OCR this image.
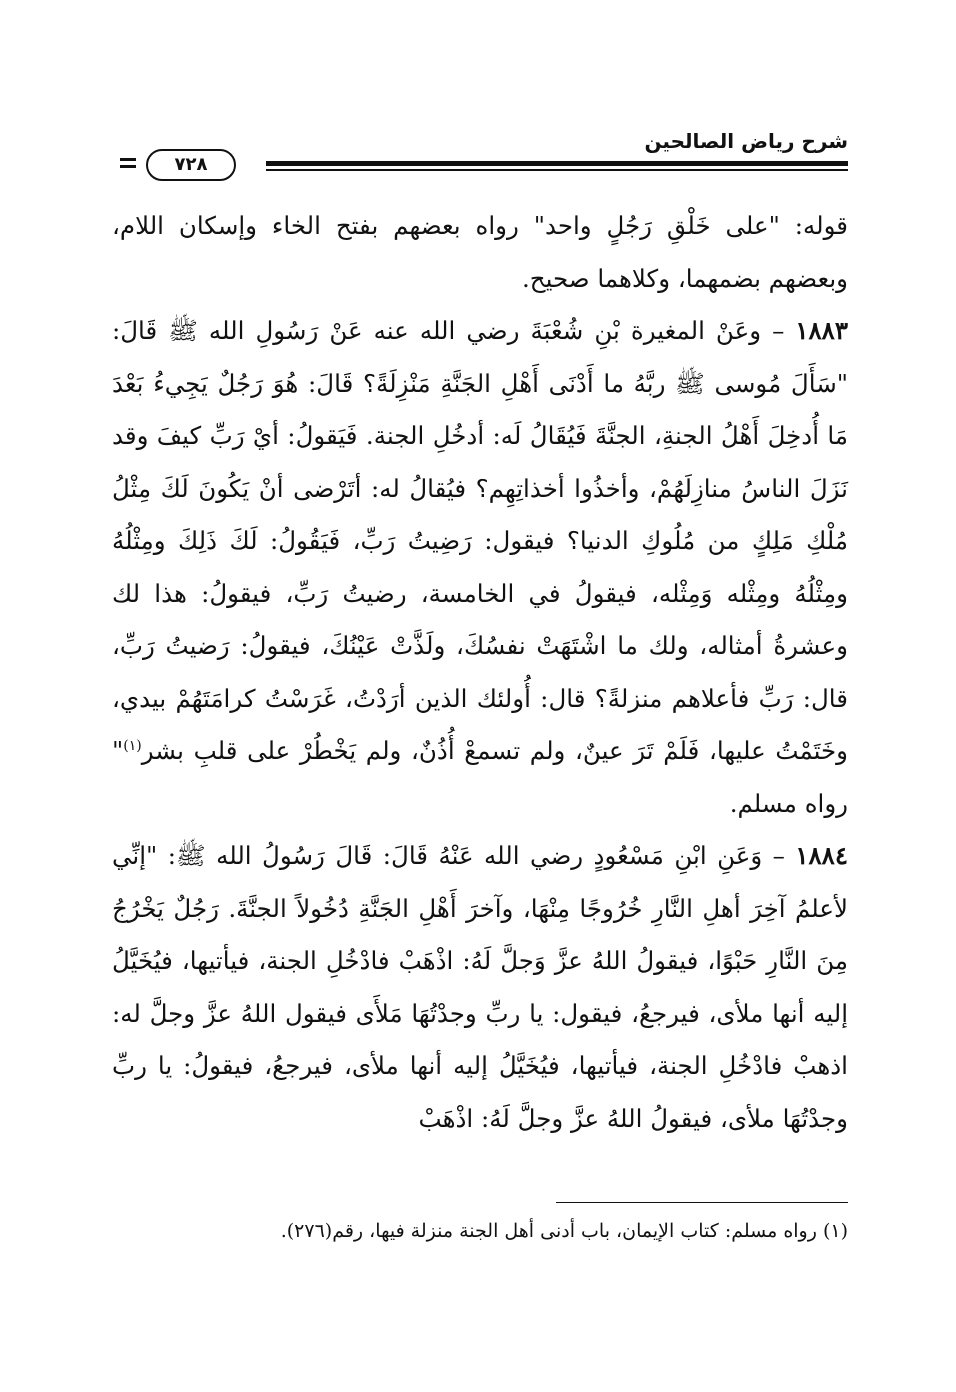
شرح رياض الصالحين
٧٢٨

قوله: "على خَلْقِ رَجُلٍ واحد" رواه بعضهم بفتح الخاء وإسكان اللام، وبعضهم بضمهما، وكلاهما صحيح.

١٨٨٣ – وعَنْ المغيرة بْنِ شُعْبَةَ رضي الله عنه عَنْ رَسُولِ الله ﷺ قَالَ: "سَأَلَ مُوسى ﷺ ربَّهُ ما أَدْنَى أَهْلِ الجَنَّةِ مَنْزِلَةً؟ قَالَ: هُوَ رَجُلٌ يَجِيءُ بَعْدَ مَا أُدخِلَ أَهْلُ الجنةِ، الجنَّةَ فَيُقَالُ لَه: أدخُلِ الجنة. فَيَقولُ: أيْ رَبِّ كيفَ وقد نَزَلَ الناسُ منازِلَهُمْ، وأخذُوا أخذاتِهِم؟ فيُقالُ له: أتَرْضى أنْ يَكُونَ لَكَ مِثْلُ مُلْكِ مَلِكٍ من مُلُوكِ الدنيا؟ فيقول: رَضِيتُ رَبِّ، فَيَقُولُ: لَكَ ذَلِكَ ومِثْلُهُ ومِثْلُهُ ومِثْله وَمِثْله، فيقولُ في الخامسة، رضيتُ رَبِّ، فيقولُ: هذا لك وعشرةُ أمثاله، ولك ما اشْتَهَتْ نفسُكَ، ولَذَّتْ عَيْنُكَ، فيقولُ: رَضيتُ رَبِّ، قال: رَبِّ فأعلاهم منزلةً؟ قال: أُولئك الذين أرَدْتُ، غَرَسْتُ كرامَتَهُمْ بيدي، وخَتَمْتُ عليها، فَلَمْ تَرَ عينٌ، ولم تسمعْ أُذُنٌ، ولم يَخْطُرْ على قلبِ بشر$^{(١)}$" رواه مسلم.

١٨٨٤ – وَعَنِ ابْنِ مَسْعُودٍ رضي الله عَنْهُ قَالَ: قَالَ رَسُولُ الله ﷺ: "إنِّي لأعلمُ آخِرَ أهلِ النَّارِ خُرُوجًا مِنْهَا، وآخرَ أَهْلِ الجَنَّةِ دُخُولاً الجنَّةَ. رَجُلٌ يَخْرُجُ مِنَ النَّارِ حَبْوًا، فيقولُ اللهُ عزَّ وَجلَّ لَهُ: اذْهَبْ فادْخُلِ الجنة، فيأتيها، فيُخَيَّلُ إليه أنها ملأى، فيرجعُ، فيقول: يا ربِّ وجدْتُهَا مَلأَى فيقول اللهُ عزَّ وجلَّ له: اذهبْ فادْخُلِ الجنة، فيأتيها، فيُخَيَّلُ إليه أنها ملأى، فيرجعُ، فيقولُ: يا ربِّ وجدْتُهَا ملأى، فيقولُ اللهُ عزَّ وجلَّ لَهُ: اذْهَبْ

(١) رواه مسلم: كتاب الإيمان، باب أدنى أهل الجنة منزلة فيها، رقم(٢٧٦).
